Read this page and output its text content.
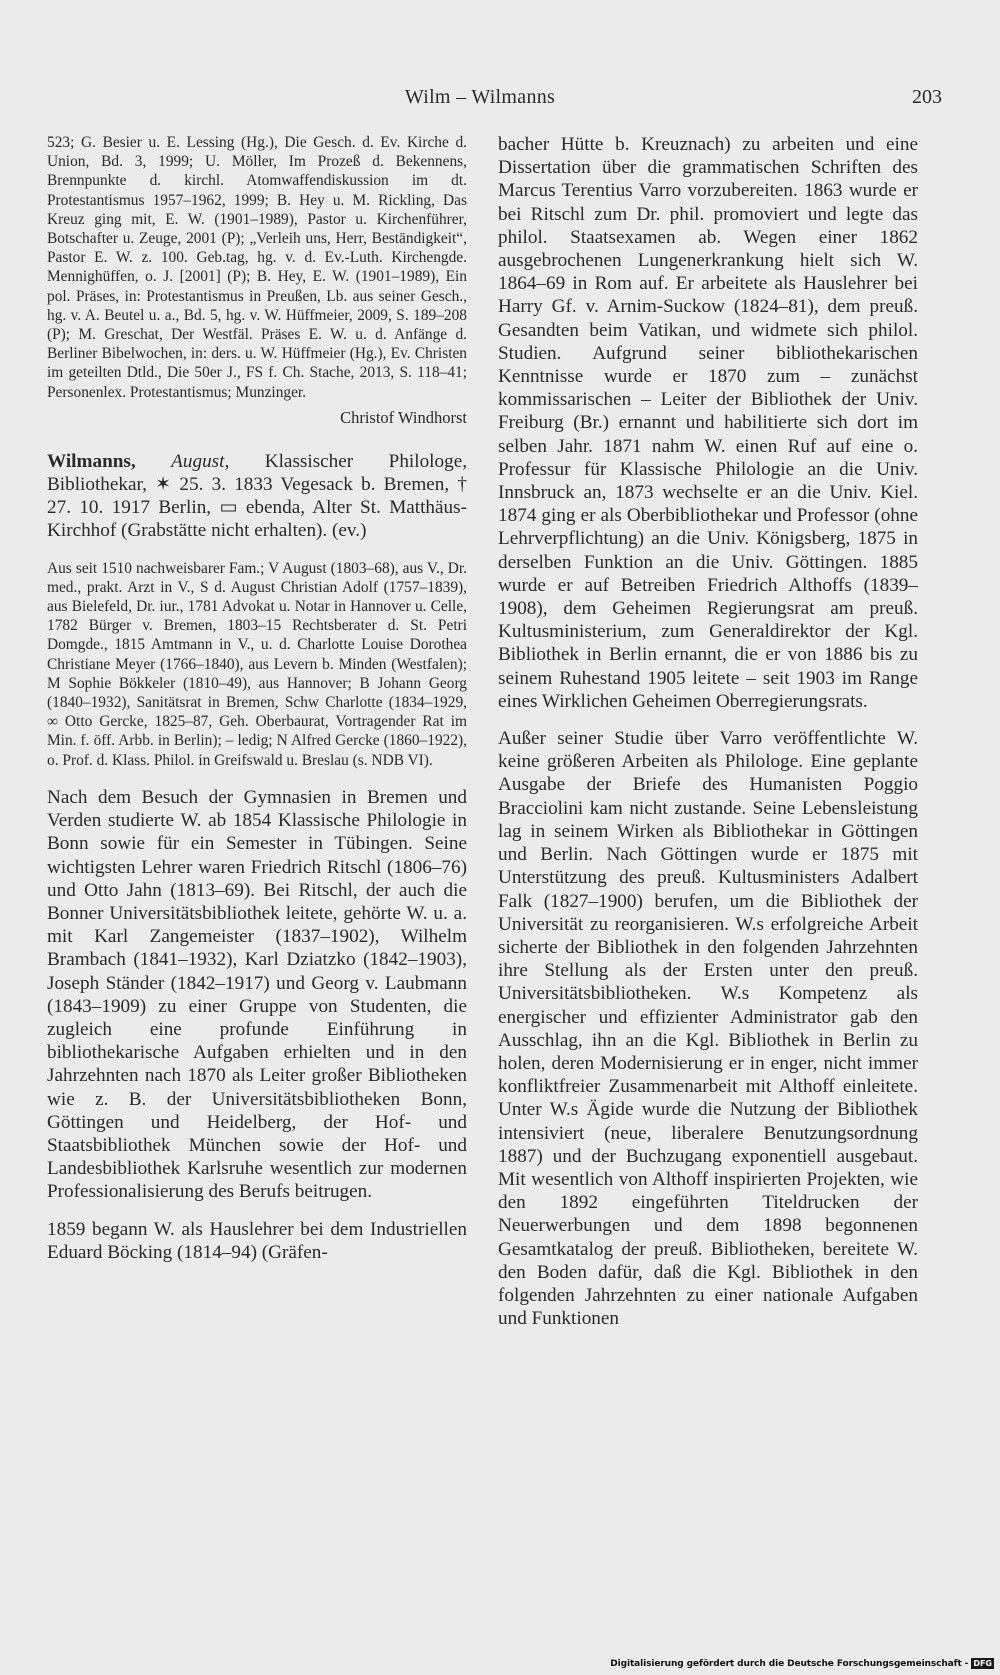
Wilm – Wilmanns	203

523; G. Besier u. E. Lessing (Hg.), Die Gesch. d. Ev. Kirche d. Union, Bd. 3, 1999; U. Möller, Im Prozeß d. Bekennens, Brennpunkte d. kirchl. Atomwaffendiskussion im dt. Protestantismus 1957–1962, 1999; B. Hey u. M. Rickling, Das Kreuz ging mit, E. W. (1901–1989), Pastor u. Kirchenführer, Botschafter u. Zeuge, 2001 (P); „Verleih uns, Herr, Beständigkeit“, Pastor E. W. z. 100. Geb.tag, hg. v. d. Ev.-Luth. Kirchengde. Mennighüffen, o. J. [2001] (P); B. Hey, E. W. (1901–1989), Ein pol. Präses, in: Protestantismus in Preußen, Lb. aus seiner Gesch., hg. v. A. Beutel u. a., Bd. 5, hg. v. W. Hüffmeier, 2009, S. 189–208 (P); M. Greschat, Der Westfäl. Präses E. W. u. d. Anfänge d. Berliner Bibelwochen, in: ders. u. W. Hüffmeier (Hg.), Ev. Christen im geteilten Dtld., Die 50er J., FS f. Ch. Stache, 2013, S. 118–41; Personenlex. Protestantismus; Munzinger.

Christof Windhorst

Wilmanns, August, Klassischer Philologe, Bibliothekar, ✶ 25. 3. 1833 Vegesack b. Bremen, † 27. 10. 1917 Berlin, ▭ ebenda, Alter St. Matthäus-Kirchhof (Grabstätte nicht erhalten). (ev.)

Aus seit 1510 nachweisbarer Fam.; V August (1803–68), aus V., Dr. med., prakt. Arzt in V., S d. August Christian Adolf (1757–1839), aus Bielefeld, Dr. iur., 1781 Advokat u. Notar in Hannover u. Celle, 1782 Bürger v. Bremen, 1803–15 Rechtsberater d. St. Petri Domgde., 1815 Amtmann in V., u. d. Charlotte Louise Dorothea Christiane Meyer (1766–1840), aus Levern b. Minden (Westfalen); M Sophie Bökkeler (1810–49), aus Hannover; B Johann Georg (1840–1932), Sanitätsrat in Bremen, Schw Charlotte (1834–1929, ∞ Otto Gercke, 1825–87, Geh. Oberbaurat, Vortragender Rat im Min. f. öff. Arbb. in Berlin); – ledig; N Alfred Gercke (1860–1922), o. Prof. d. Klass. Philol. in Greifswald u. Breslau (s. NDB VI).

Nach dem Besuch der Gymnasien in Bremen und Verden studierte W. ab 1854 Klassische Philologie in Bonn sowie für ein Semester in Tübingen. Seine wichtigsten Lehrer waren Friedrich Ritschl (1806–76) und Otto Jahn (1813–69). Bei Ritschl, der auch die Bonner Universitätsbibliothek leitete, gehörte W. u. a. mit Karl Zangemeister (1837–1902), Wilhelm Brambach (1841–1932), Karl Dziatzko (1842–1903), Joseph Ständer (1842–1917) und Georg v. Laubmann (1843–1909) zu einer Gruppe von Studenten, die zugleich eine profunde Einführung in bibliothekarische Aufgaben erhielten und in den Jahrzehnten nach 1870 als Leiter großer Bibliotheken wie z. B. der Universitätsbibliotheken Bonn, Göttingen und Heidelberg, der Hof- und Staatsbibliothek München sowie der Hof- und Landesbibliothek Karlsruhe wesentlich zur modernen Professionalisierung des Berufs beitrugen.

1859 begann W. als Hauslehrer bei dem Industriellen Eduard Böcking (1814–94) (Gräfen-

bacher Hütte b. Kreuznach) zu arbeiten und eine Dissertation über die grammatischen Schriften des Marcus Terentius Varro vorzubereiten. 1863 wurde er bei Ritschl zum Dr. phil. promoviert und legte das philol. Staatsexamen ab. Wegen einer 1862 ausgebrochenen Lungenerkrankung hielt sich W. 1864–69 in Rom auf. Er arbeitete als Hauslehrer bei Harry Gf. v. Arnim-Suckow (1824–81), dem preuß. Gesandten beim Vatikan, und widmete sich philol. Studien. Aufgrund seiner bibliothekarischen Kenntnisse wurde er 1870 zum – zunächst kommissarischen – Leiter der Bibliothek der Univ. Freiburg (Br.) ernannt und habilitierte sich dort im selben Jahr. 1871 nahm W. einen Ruf auf eine o. Professur für Klassische Philologie an die Univ. Innsbruck an, 1873 wechselte er an die Univ. Kiel. 1874 ging er als Oberbibliothekar und Professor (ohne Lehrverpflichtung) an die Univ. Königsberg, 1875 in derselben Funktion an die Univ. Göttingen. 1885 wurde er auf Betreiben Friedrich Althoffs (1839–1908), dem Geheimen Regierungsrat am preuß. Kultusministerium, zum Generaldirektor der Kgl. Bibliothek in Berlin ernannt, die er von 1886 bis zu seinem Ruhestand 1905 leitete – seit 1903 im Range eines Wirklichen Geheimen Oberregierungsrats.

Außer seiner Studie über Varro veröffentlichte W. keine größeren Arbeiten als Philologe. Eine geplante Ausgabe der Briefe des Humanisten Poggio Bracciolini kam nicht zustande. Seine Lebensleistung lag in seinem Wirken als Bibliothekar in Göttingen und Berlin. Nach Göttingen wurde er 1875 mit Unterstützung des preuß. Kultusministers Adalbert Falk (1827–1900) berufen, um die Bibliothek der Universität zu reorganisieren. W.s erfolgreiche Arbeit sicherte der Bibliothek in den folgenden Jahrzehnten ihre Stellung als der Ersten unter den preuß. Universitätsbibliotheken. W.s Kompetenz als energischer und effizienter Administrator gab den Ausschlag, ihn an die Kgl. Bibliothek in Berlin zu holen, deren Modernisierung er in enger, nicht immer konfliktfreier Zusammenarbeit mit Althoff einleitete. Unter W.s Ägide wurde die Nutzung der Bibliothek intensiviert (neue, liberalere Benutzungsordnung 1887) und der Buchzugang exponentiell ausgebaut. Mit wesentlich von Althoff inspirierten Projekten, wie den 1892 eingeführten Titeldrucken der Neuerwerbungen und dem 1898 begonnenen Gesamtkatalog der preuß. Bibliotheken, bereitete W. den Boden dafür, daß die Kgl. Bibliothek in den folgenden Jahrzehnten zu einer nationale Aufgaben und Funktionen

Digitalisierung gefördert durch die Deutsche Forschungsgemeinschaft - DFG
